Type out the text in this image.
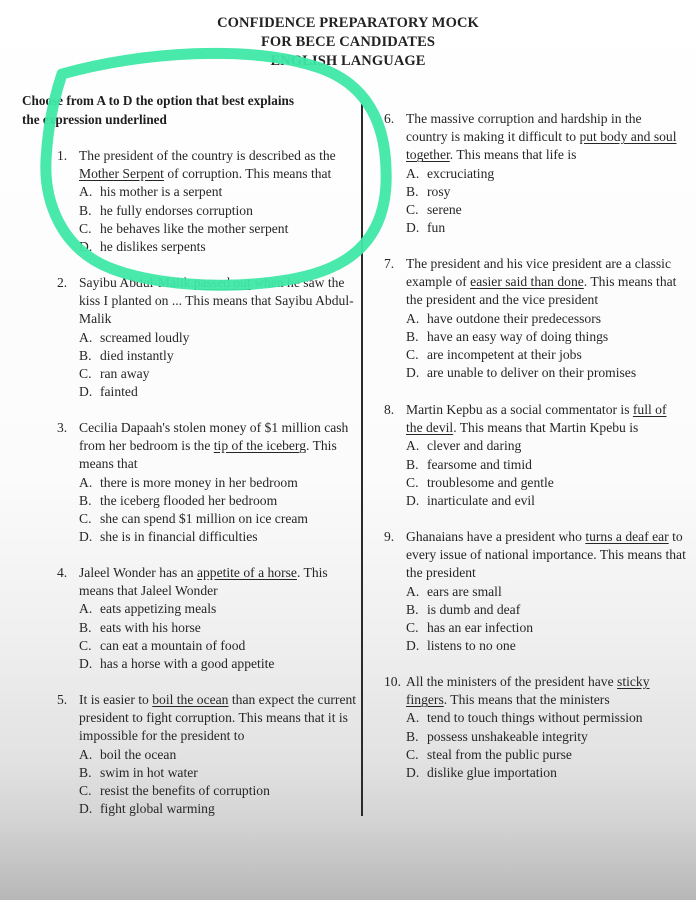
CONFIDENCE PREPARATORY MOCK
FOR BECE CANDIDATES
ENGLISH LANGUAGE
Choose from A to D the option that best explains
the expression underlined
1. The president of the country is described as the Mother Serpent of corruption. This means that
A. his mother is a serpent
B. he fully endorses corruption
C. he behaves like the mother serpent
D. he dislikes serpents
2. Sayibu Abdul-Malik passed out when he saw the kiss I planted on ... This means that Sayibu Abdul-Malik
A. screamed loudly
B. died instantly
C. ran away
D. fainted
3. Cecilia Dapaah's stolen money of $1 million cash from her bedroom is the tip of the iceberg. This means that
A. there is more money in her bedroom
B. the iceberg flooded her bedroom
C. she can spend $1 million on ice cream
D. she is in financial difficulties
4. Jaleel Wonder has an appetite of a horse. This means that Jaleel Wonder
A. eats appetizing meals
B. eats with his horse
C. can eat a mountain of food
D. has a horse with a good appetite
5. It is easier to boil the ocean than expect the current president to fight corruption. This means that it is impossible for the president to
A. boil the ocean
B. swim in hot water
C. resist the benefits of corruption
D. fight global warming
6. The massive corruption and hardship in the country is making it difficult to put body and soul together. This means that life is
A. excruciating
B. rosy
C. serene
D. fun
7. The president and his vice president are a classic example of easier said than done. This means that the president and the vice president
A. have outdone their predecessors
B. have an easy way of doing things
C. are incompetent at their jobs
D. are unable to deliver on their promises
8. Martin Kepbu as a social commentator is full of the devil. This means that Martin Kpebu is
A. clever and daring
B. fearsome and timid
C. troublesome and gentle
D. inarticulate and evil
9. Ghanaians have a president who turns a deaf ear to every issue of national importance. This means that the president
A. ears are small
B. is dumb and deaf
C. has an ear infection
D. listens to no one
10. All the ministers of the president have sticky fingers. This means that the ministers
A. tend to touch things without permission
B. possess unshakeable integrity
C. steal from the public purse
D. dislike glue importation
